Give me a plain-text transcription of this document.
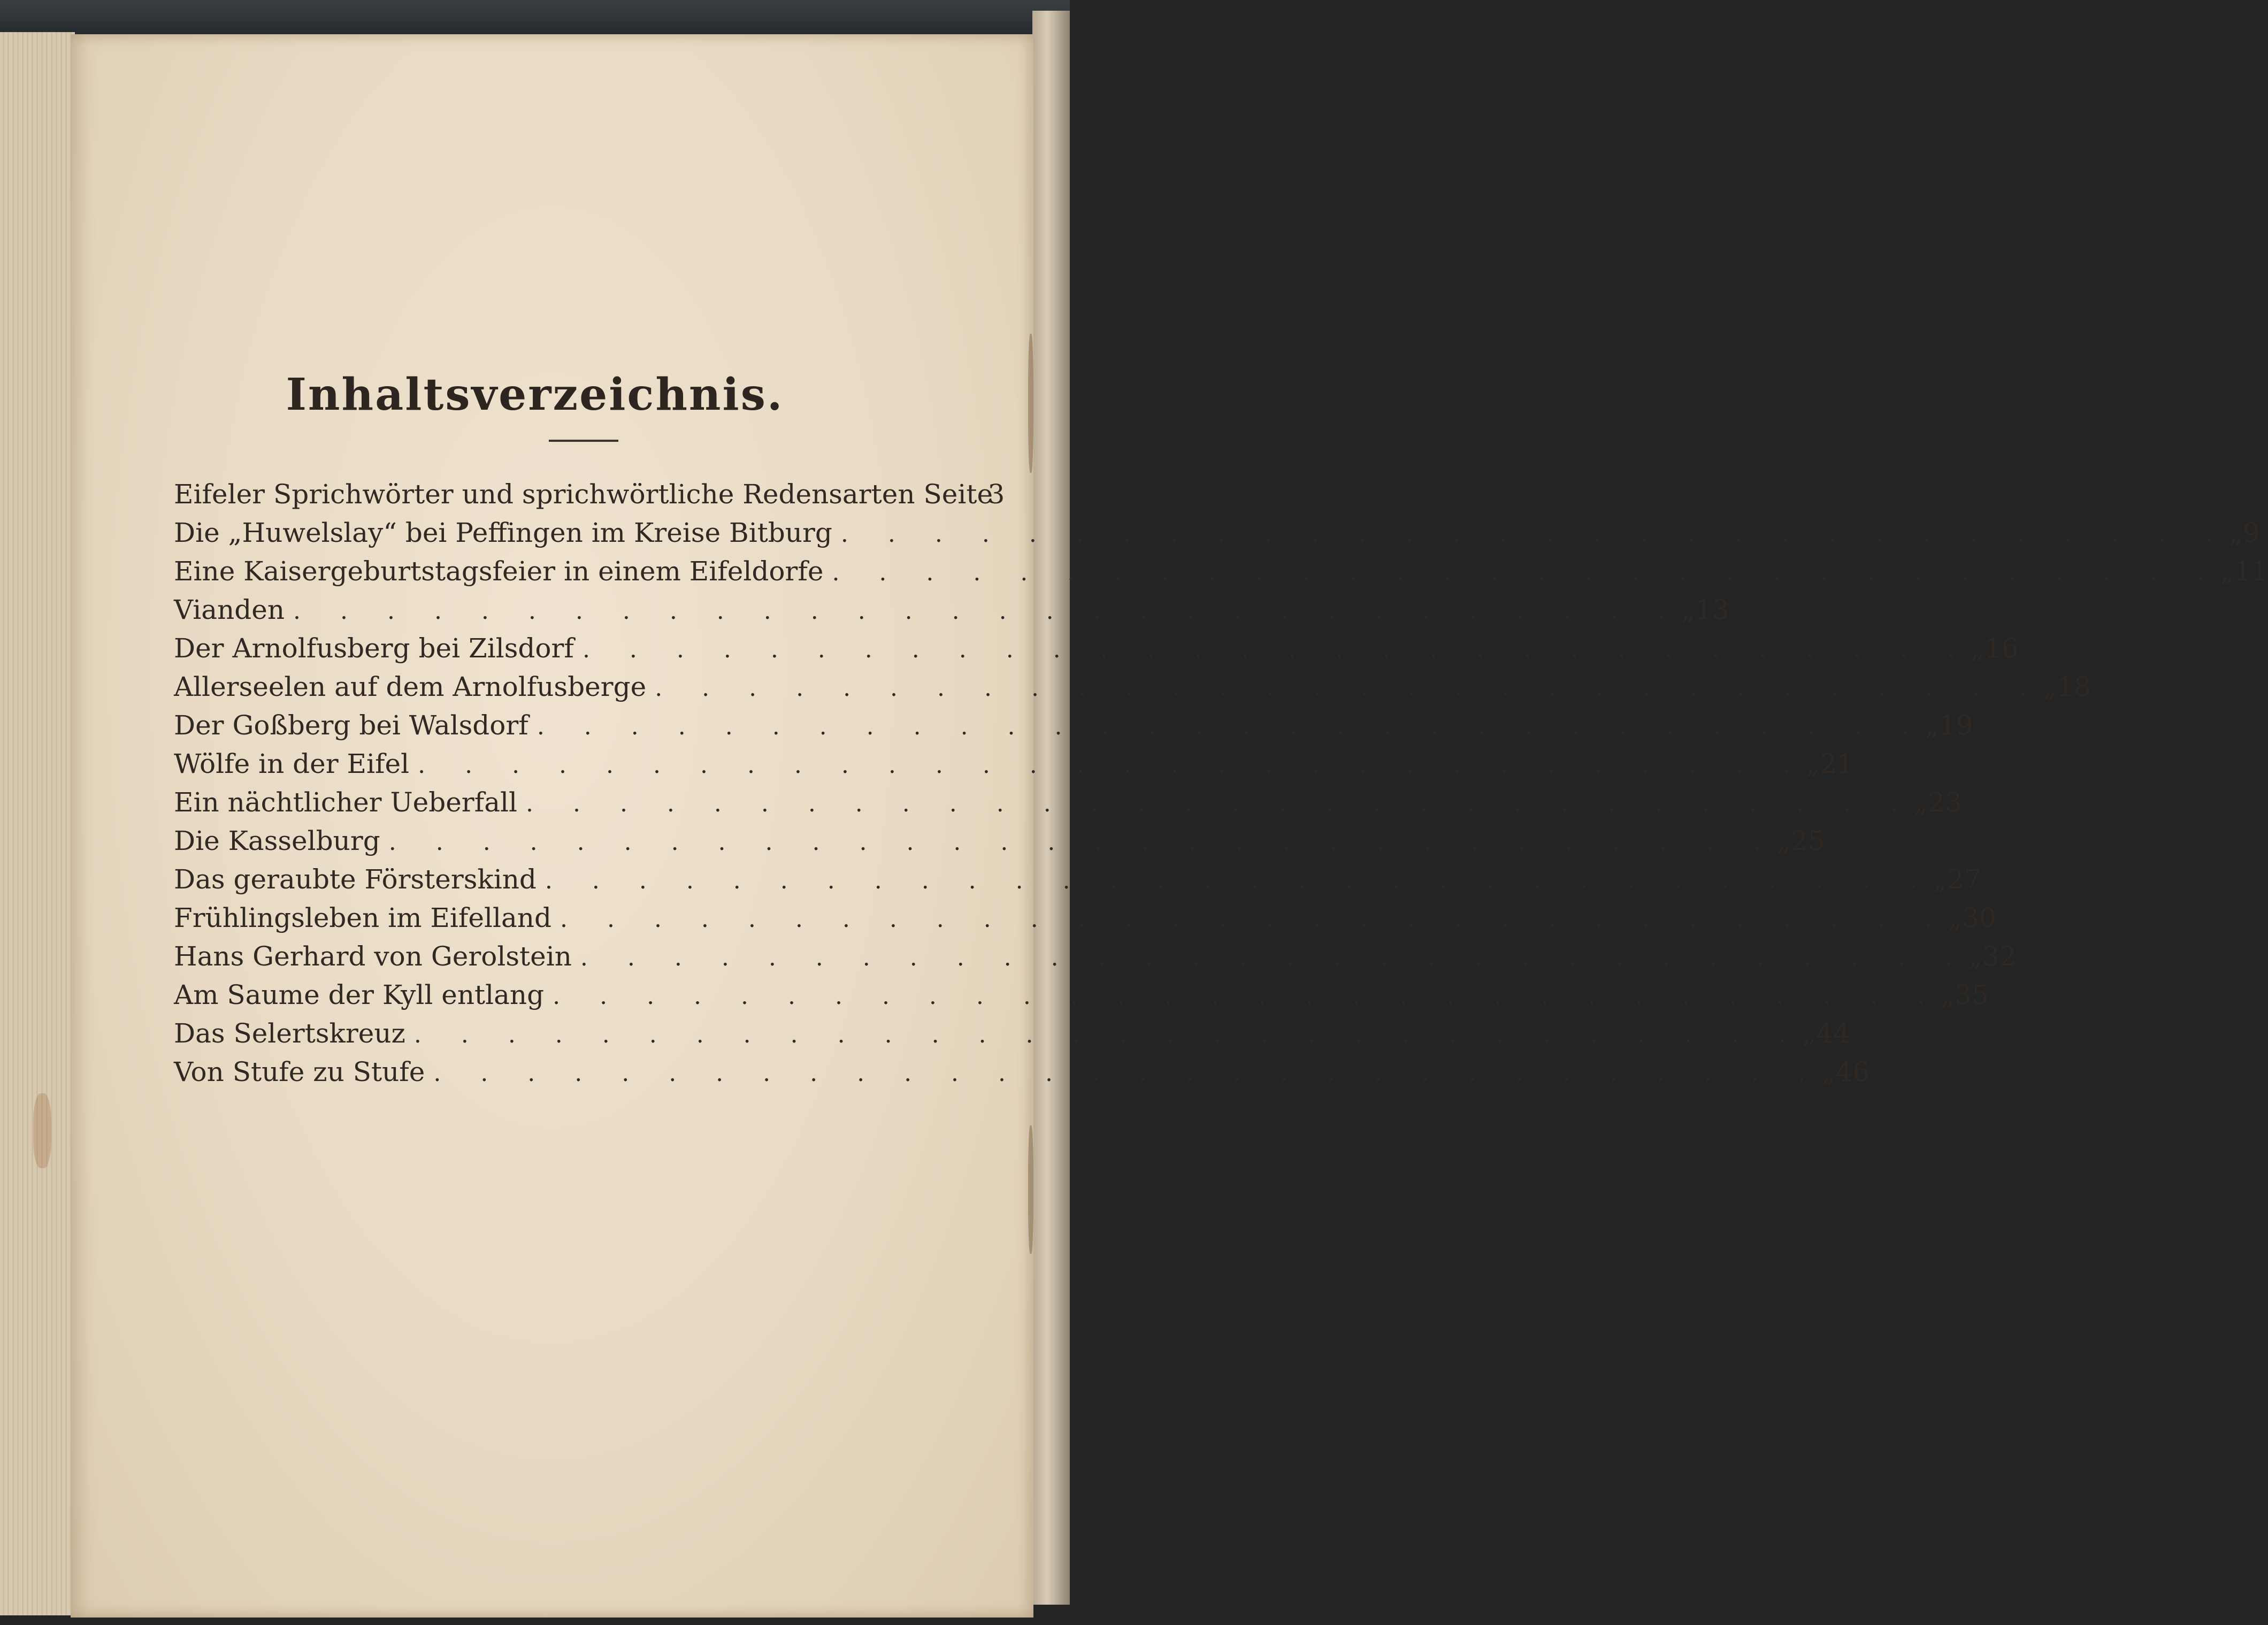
Inhaltsverzeichnis.
Eifeler Sprichwörter und sprichwörtliche Redensarten Seite
3
Die „Huwelslay“ bei Peffingen im Kreise Bitburg . . . . . . . . . . . . . . . . . . . . . . . . . . . . . . „ 9
Eine Kaisergeburtstagsfeier in einem Eifeldorfe . . . . . . . . . . . . . . . . . . . . . . . . . . . . . . „ 11
Vianden . . . . . . . . . . . . . . . . . . . . . . . . . . . . . . „ 13
Der Arnolfusberg bei Zilsdorf . . . . . . . . . . . . . . . . . . . . . . . . . . . . . . „ 16
Allerseelen auf dem Arnolfusberge . . . . . . . . . . . . . . . . . . . . . . . . . . . . . . „ 18
Der Goßberg bei Walsdorf . . . . . . . . . . . . . . . . . . . . . . . . . . . . . . „ 19
Wölfe in der Eifel . . . . . . . . . . . . . . . . . . . . . . . . . . . . . . „ 21
Ein nächtlicher Ueberfall . . . . . . . . . . . . . . . . . . . . . . . . . . . . . . „ 23
Die Kasselburg . . . . . . . . . . . . . . . . . . . . . . . . . . . . . . „ 25
Das geraubte Försterskind . . . . . . . . . . . . . . . . . . . . . . . . . . . . . . „ 27
Frühlingsleben im Eifelland . . . . . . . . . . . . . . . . . . . . . . . . . . . . . . „ 30
Hans Gerhard von Gerolstein . . . . . . . . . . . . . . . . . . . . . . . . . . . . . . „ 32
Am Saume der Kyll entlang . . . . . . . . . . . . . . . . . . . . . . . . . . . . . . „ 35
Das Selertskreuz . . . . . . . . . . . . . . . . . . . . . . . . . . . . . . „ 44
Von Stufe zu Stufe . . . . . . . . . . . . . . . . . . . . . . . . . . . . . . „ 46
